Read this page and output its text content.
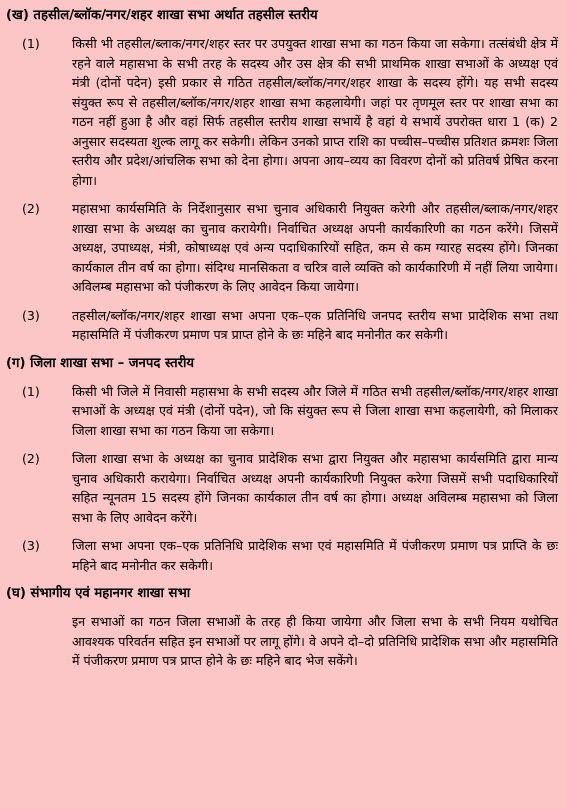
(ख) तहसील/ब्लॉक/नगर/शहर शाखा सभा अर्थात तहसील स्तरीय
(1)	किसी भी तहसील/ब्लाक/नगर/शहर स्तर पर उपयुक्त शाखा सभा का गठन किया जा सकेगा। तत्संबंधी क्षेत्र में रहने वाले महासभा के सभी तरह के सदस्य और उस क्षेत्र की सभी प्राथमिक शाखा सभाओं के अध्यक्ष एवं मंत्री (दोनों पदेन) इसी प्रकार से गठित तहसील/ब्लॉक/नगर/शहर शाखा के सदस्य होंगे। यह सभी सदस्य संयुक्त रूप से तहसील/ब्लॉक/नगर/शहर शाखा सभा कहलायेगी। जहां पर तृणमूल स्तर पर शाखा सभा का गठन नहीं हुआ है और वहां सिर्फ तहसील स्तरीय शाखा सभायें है वहां ये सभायें उपरोक्त धारा 1 (क) 2 अनुसार सदस्यता शुल्क लागू कर सकेगी। लेकिन उनको प्राप्त राशि का पच्चीस–पच्चीस प्रतिशत क्रमशः जिला स्तरीय और प्रदेश/आंचलिक सभा को देना होगा। अपना आय–व्यय का विवरण दोनों को प्रतिवर्ष प्रेषित करना होगा।
(2)	महासभा कार्यसमिति के निर्देशानुसार सभा चुनाव अधिकारी नियुक्त करेगी और तहसील/ब्लाक/नगर/शहर शाखा सभा के अध्यक्ष का चुनाव करायेगी। निर्वाचित अध्यक्ष अपनी कार्यकारिणी का गठन करेंगे। जिसमें अध्यक्ष, उपाध्यक्ष, मंत्री, कोषाध्यक्ष एवं अन्य पदाधिकारियों सहित, कम से कम ग्यारह सदस्य होंगे। जिनका कार्यकाल तीन वर्ष का होगा। संदिग्ध मानसिकता व चरित्र वाले व्यक्ति को कार्यकारिणी में नहीं लिया जायेगा। अविलम्ब महासभा को पंजीकरण के लिए आवेदन किया जायेगा।
(3)	तहसील/ब्लॉक/नगर/शहर शाखा सभा अपना एक–एक प्रतिनिधि जनपद स्तरीय सभा प्रादेशिक सभा तथा महासमिति में पंजीकरण प्रमाण पत्र प्राप्त होने के छः महिने बाद मनोनीत कर सकेगी।
(ग) जिला शाखा सभा – जनपद स्तरीय
(1)	किसी भी जिले में निवासी महासभा के सभी सदस्य और जिले में गठित सभी तहसील/ब्लॉक/नगर/शहर शाखा सभाओं के अध्यक्ष एवं मंत्री (दोनों पदेन), जो कि संयुक्त रूप से जिला शाखा सभा कहलायेगी, को मिलाकर जिला शाखा सभा का गठन किया जा सकेगा।
(2)	जिला शाखा सभा के अध्यक्ष का चुनाव प्रादेशिक सभा द्वारा नियुक्त और महासभा कार्यसमिति द्वारा मान्य चुनाव अधिकारी करायेगा। निर्वाचित अध्यक्ष अपनी कार्यकारिणी नियुक्त करेगा जिसमें सभी पदाधिकारियों सहित न्यूनतम 15 सदस्य होंगे जिनका कार्यकाल तीन वर्ष का होगा। अध्यक्ष अविलम्ब महासभा को जिला सभा के लिए आवेदन करेंगे।
(3)	जिला सभा अपना एक–एक प्रतिनिधि प्रादेशिक सभा एवं महासमिति में पंजीकरण प्रमाण पत्र प्राप्ति के छः महिने बाद मनोनीत कर सकेगी।
(घ) संभागीय एवं महानगर शाखा सभा
इन सभाओं का गठन जिला सभाओं के तरह ही किया जायेगा और जिला सभा के सभी नियम यथोचित आवश्यक परिवर्तन सहित इन सभाओं पर लागू होंगे। वे अपने दो–दो प्रतिनिधि प्रादेशिक सभा और महासमिति में पंजीकरण प्रमाण पत्र प्राप्त होने के छः महिने बाद भेज सकेंगे।
